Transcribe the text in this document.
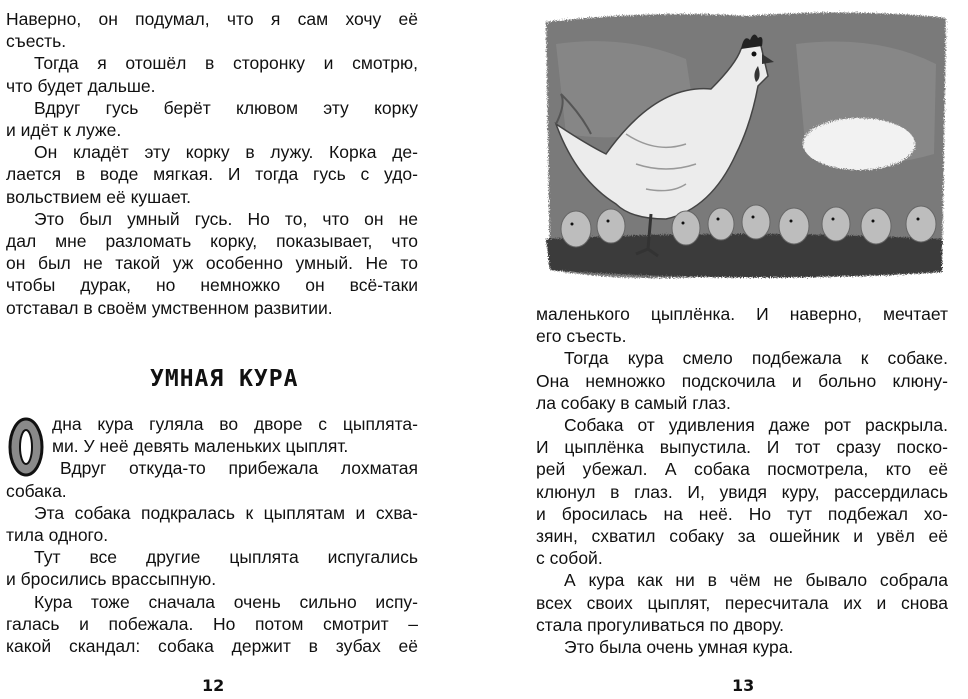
Наверно, он подумал, что я сам хочу её
съесть.
Тогда я отошёл в сторонку и смотрю,
что будет дальше.
Вдруг гусь берёт клювом эту корку
и идёт к луже.
Он кладёт эту корку в лужу. Корка де-
лается в воде мягкая. И тогда гусь с удо-
вольствием её кушает.
Это был умный гусь. Но то, что он не
дал мне разломать корку, показывает, что
он был не такой уж особенно умный. Не то
чтобы дурак, но немножко он всё-таки
отставал в своём умственном развитии.
УМНАЯ КУРА
дна кура гуляла во дворе с цыплята-
ми. У неё девять маленьких цыплят.
Вдруг откуда-то прибежала лохматая
собака.
Эта собака подкралась к цыплятам и схва-
тила одного.
Тут все другие цыплята испугались
и бросились врассыпную.
Кура тоже сначала очень сильно испу-
галась и побежала. Но потом смотрит –
какой скандал: собака держит в зубах её
12
маленького цыплёнка. И наверно, мечтает
его съесть.
Тогда кура смело подбежала к собаке.
Она немножко подскочила и больно клюну-
ла собаку в самый глаз.
Собака от удивления даже рот раскрыла.
И цыплёнка выпустила. И тот сразу поско-
рей убежал. А собака посмотрела, кто её
клюнул в глаз. И, увидя куру, рассердилась
и бросилась на неё. Но тут подбежал хо-
зяин, схватил собаку за ошейник и увёл её
с собой.
А кура как ни в чём не бывало собрала
всех своих цыплят, пересчитала их и снова
стала прогуливаться по двору.
Это была очень умная кура.
13
